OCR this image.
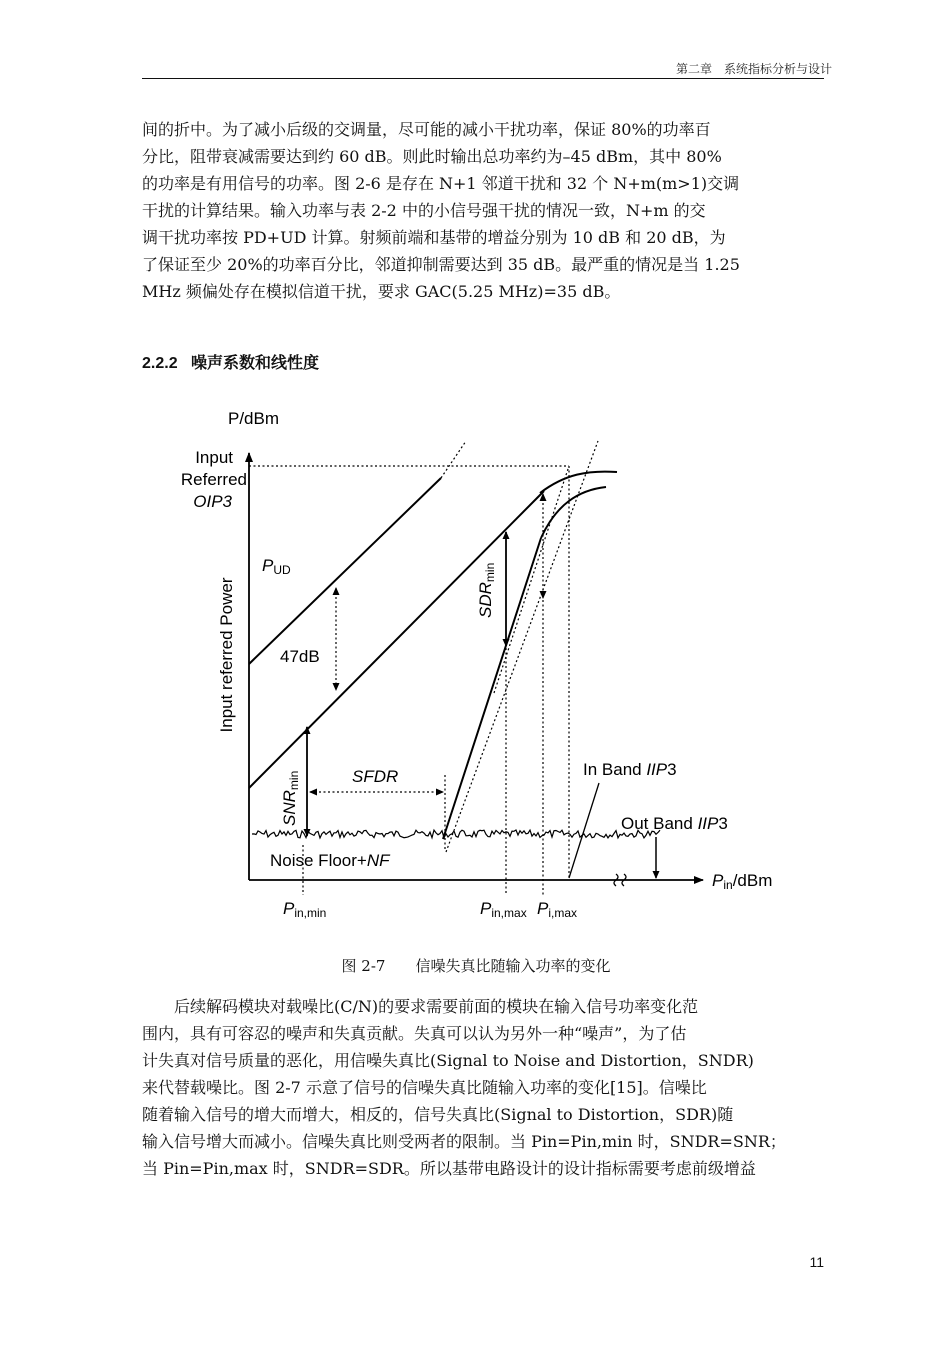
第二章　系统指标分析与设计
间的折中。为了减小后级的交调量，尽可能的减小干扰功率，保证 80%的功率百
分比，阻带衰减需要达到约 60 dB。则此时输出总功率约为–45 dBm，其中 80%
的功率是有用信号的功率。图 2-6 是存在 N+1 邻道干扰和 32 个 N+m(m>1)交调
干扰的计算结果。输入功率与表 2-2 中的小信号强干扰的情况一致，N+m 的交
调干扰功率按 PD+UD 计算。射频前端和基带的增益分别为 10 dB 和 20 dB，为
了保证至少 20%的功率百分比，邻道抑制需要达到 35 dB。最严重的情况是当 1.25
MHz 频偏处存在模拟信道干扰，要求 GAC(5.25 MHz)=35 dB。
2.2.2 噪声系数和线性度
P/dBm
Input referred Power
Input
Referred
OIP3
PUD
47dB
SDRmin
SNRmin	SFDR	In Band IIP3
Out Band IIP3
Noise Floor+NF
Pin,min	Pin,max Pi,max
Pin/dBm
图 2-7　　信噪失真比随输入功率的变化
　　后续解码模块对载噪比(C/N)的要求需要前面的模块在输入信号功率变化范
围内，具有可容忍的噪声和失真贡献。失真可以认为另外一种“噪声”，为了估
计失真对信号质量的恶化，用信噪失真比(Signal to Noise and Distortion，SNDR)
来代替载噪比。图 2-7 示意了信号的信噪失真比随输入功率的变化[15]。信噪比
随着输入信号的增大而增大，相反的，信号失真比(Signal to Distortion，SDR)随
输入信号增大而减小。信噪失真比则受两者的限制。当 Pin=Pin,min 时，SNDR=SNR；
当 Pin=Pin,max 时，SNDR=SDR。所以基带电路设计的设计指标需要考虑前级增益
11
